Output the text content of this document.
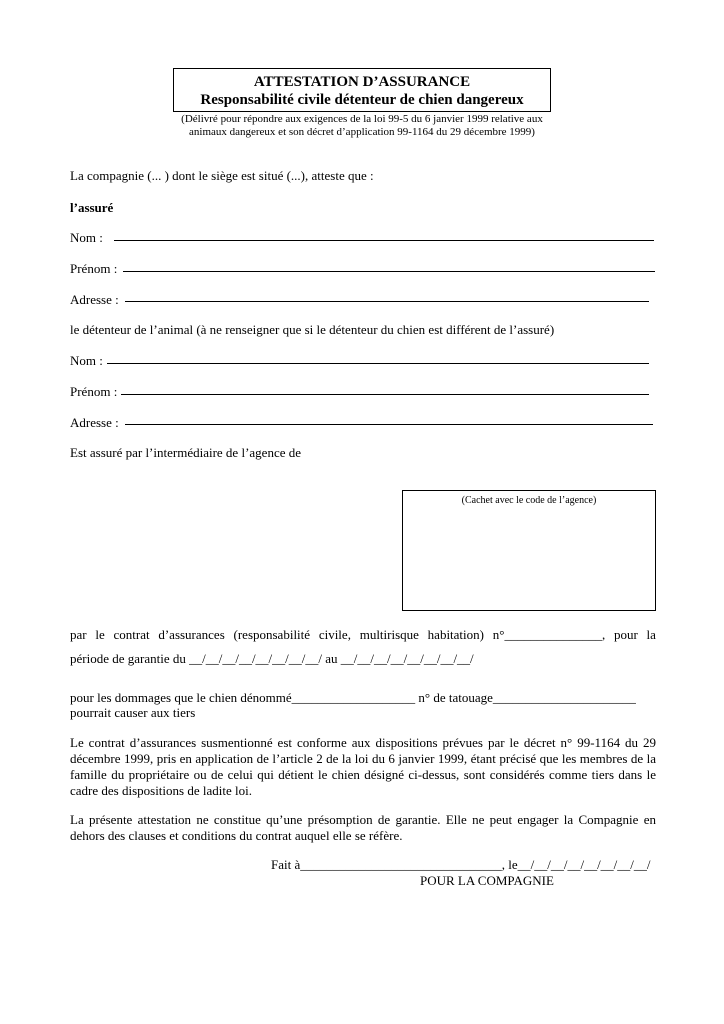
ATTESTATION D’ASSURANCE
Responsabilité civile détenteur de chien dangereux
(Délivré pour répondre aux exigences de la loi 99-5 du 6 janvier 1999 relative aux
animaux dangereux et son décret d’application 99-1164 du 29 décembre 1999)
La compagnie (... ) dont le siège est situé (...), atteste que :
l’assuré
Nom :
Prénom :
Adresse :
le détenteur de l’animal (à ne renseigner que si le détenteur du chien est différent de l’assuré)
Nom :
Prénom :
Adresse :
Est assuré par l’intermédiaire de l’agence de
(Cachet avec le code de l’agence)
par le contrat d’assurances (responsabilité civile, multirisque habitation) n°_______________, pour la
période de garantie du __/__/__/__/__/__/__/__/ au __/__/__/__/__/__/__/__/
pour les dommages que le chien dénommé___________________ n° de tatouage______________________
pourrait causer aux tiers
Le contrat d’assurances susmentionné est conforme aux dispositions prévues par le décret n° 99-1164 du 29 décembre 1999, pris en application de l’article 2 de la loi du 6 janvier 1999, étant précisé que les membres de la famille du propriétaire ou de celui qui détient le chien désigné ci-dessus, sont considérés comme tiers dans le cadre des dispositions de ladite loi.
La présente attestation ne constitue qu’une présomption de garantie. Elle ne peut engager la Compagnie en dehors des clauses et conditions du contrat auquel elle se réfère.
Fait à_______________________________, le__/__/__/__/__/__/__/__/
POUR LA COMPAGNIE
